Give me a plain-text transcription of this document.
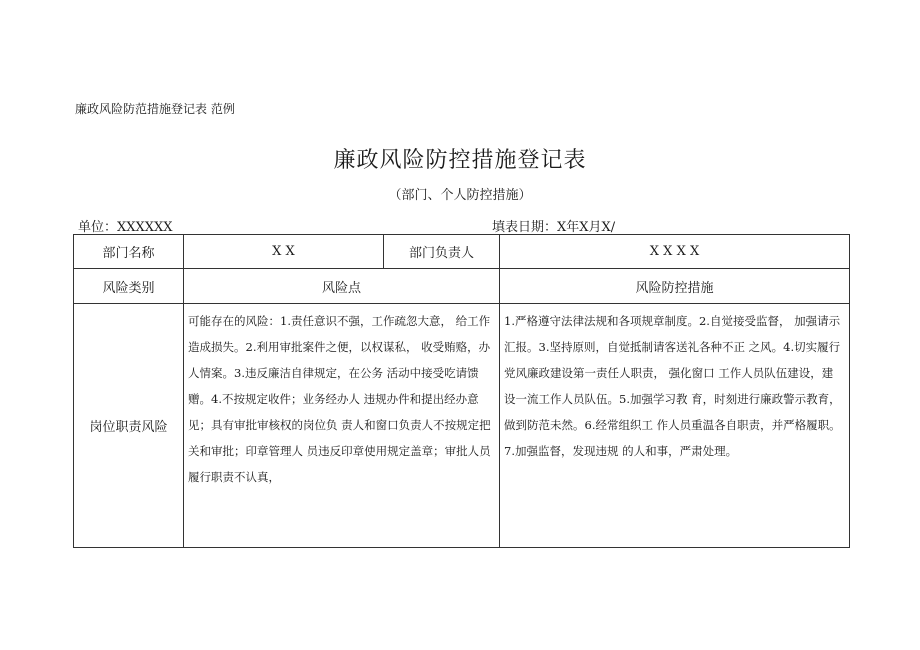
廉政风险防范措施登记表 范例
廉政风险防控措施登记表
（部门、个人防控措施）
单位：XXXXXX	填表日期：X年X月X/
部门名称	X X	部门负责人	X X X X
风险类别	风险点		风险防控措施
岗位职责风险	可能存在的风险：1.责任意识不强，工作疏忽大意， 给工作造成损失。2.利用审批案件之便，以权谋私， 收受贿赂，办人情案。3.违反廉洁自律规定，在公务 活动中接受吃请馈赠。4.不按规定收件；业务经办人 违规办件和提出经办意见；具有审批审核权的岗位负 责人和窗口负责人不按规定把关和审批；印章管理人 员违反印章使用规定盖章；审批人员履行职责不认真，		1.严格遵守法律法规和各项规章制度。2.自觉接受监督， 加强请示汇报。3.坚持原则，自觉抵制请客送礼各种不正 之风。4.切实履行党风廉政建设第一责任人职责， 强化窗口 工作人员队伍建设，建设一流工作人员队伍。5.加强学习教 育，时刻进行廉政警示教育，做到防范未然。6.经常组织工 作人员重温各自职责，并严格履职。7.加强监督，发现违规 的人和事，严肃处理。
